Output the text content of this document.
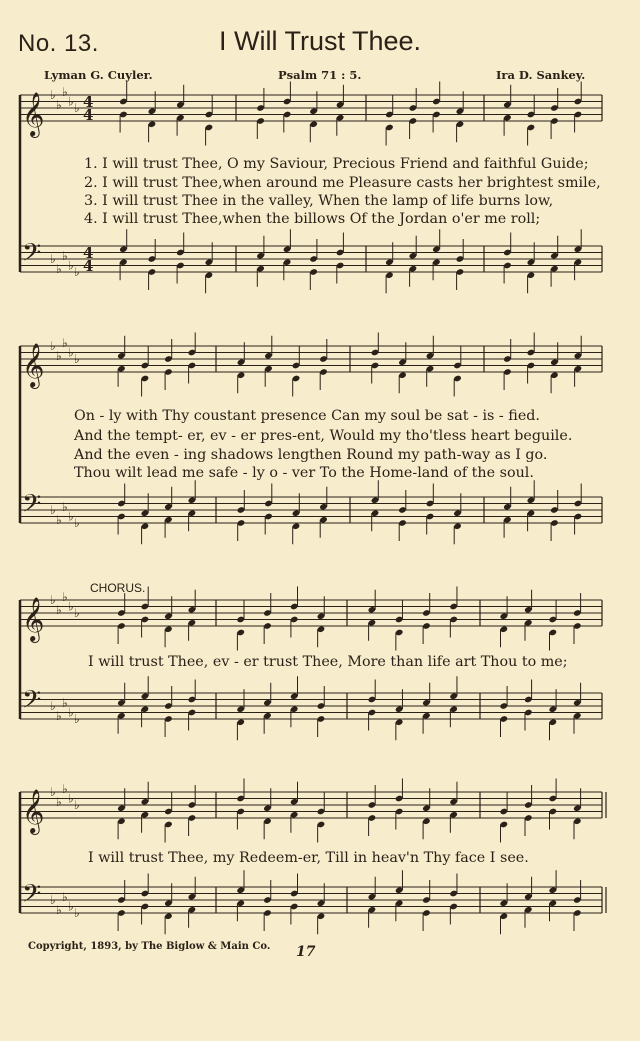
No. 13.	I Will Trust Thee.
Lyman G. Cuyler.	Psalm 71 : 5.	Ira D. Sankey.
𝄞 ♭
♭
♭
♭ ♭ 4
4
𝄢 ♭
♭
♭
♭ ♭
4
4
𝄞 ♭
♭
♭
♭ ♭
𝄢 ♭
♭
♭
♭ ♭
𝄞 ♭
♭
♭
♭ ♭
𝄢 ♭
♭
♭
♭ ♭
𝄞 ♭
♭
♭
♭ ♭
𝄢 ♭
♭
♭
♭ ♭
1. I will trust Thee, O my Saviour, Precious Friend and faithful Guide;
2. I will trust Thee,when around me Pleasure casts her brightest smile,
3. I will trust Thee in the valley, When the lamp of life burns low,
4. I will trust Thee,when the billows Of the Jordan o'er me roll;
On - ly with Thy coustant presence Can my soul be sat - is - fied.
And the tempt- er, ev - er pres-ent, Would my tho'tless heart beguile.
And the even - ing shadows lengthen Round my path-way as I go.
Thou wilt lead me safe - ly o - ver To the Home-land of the soul.
CHORUS.
I will trust Thee, ev - er trust Thee, More than life art Thou to me;
I will trust Thee, my Redeem-er, Till in heav'n Thy face I see.
Copyright, 1893, by The Biglow & Main Co. 17
